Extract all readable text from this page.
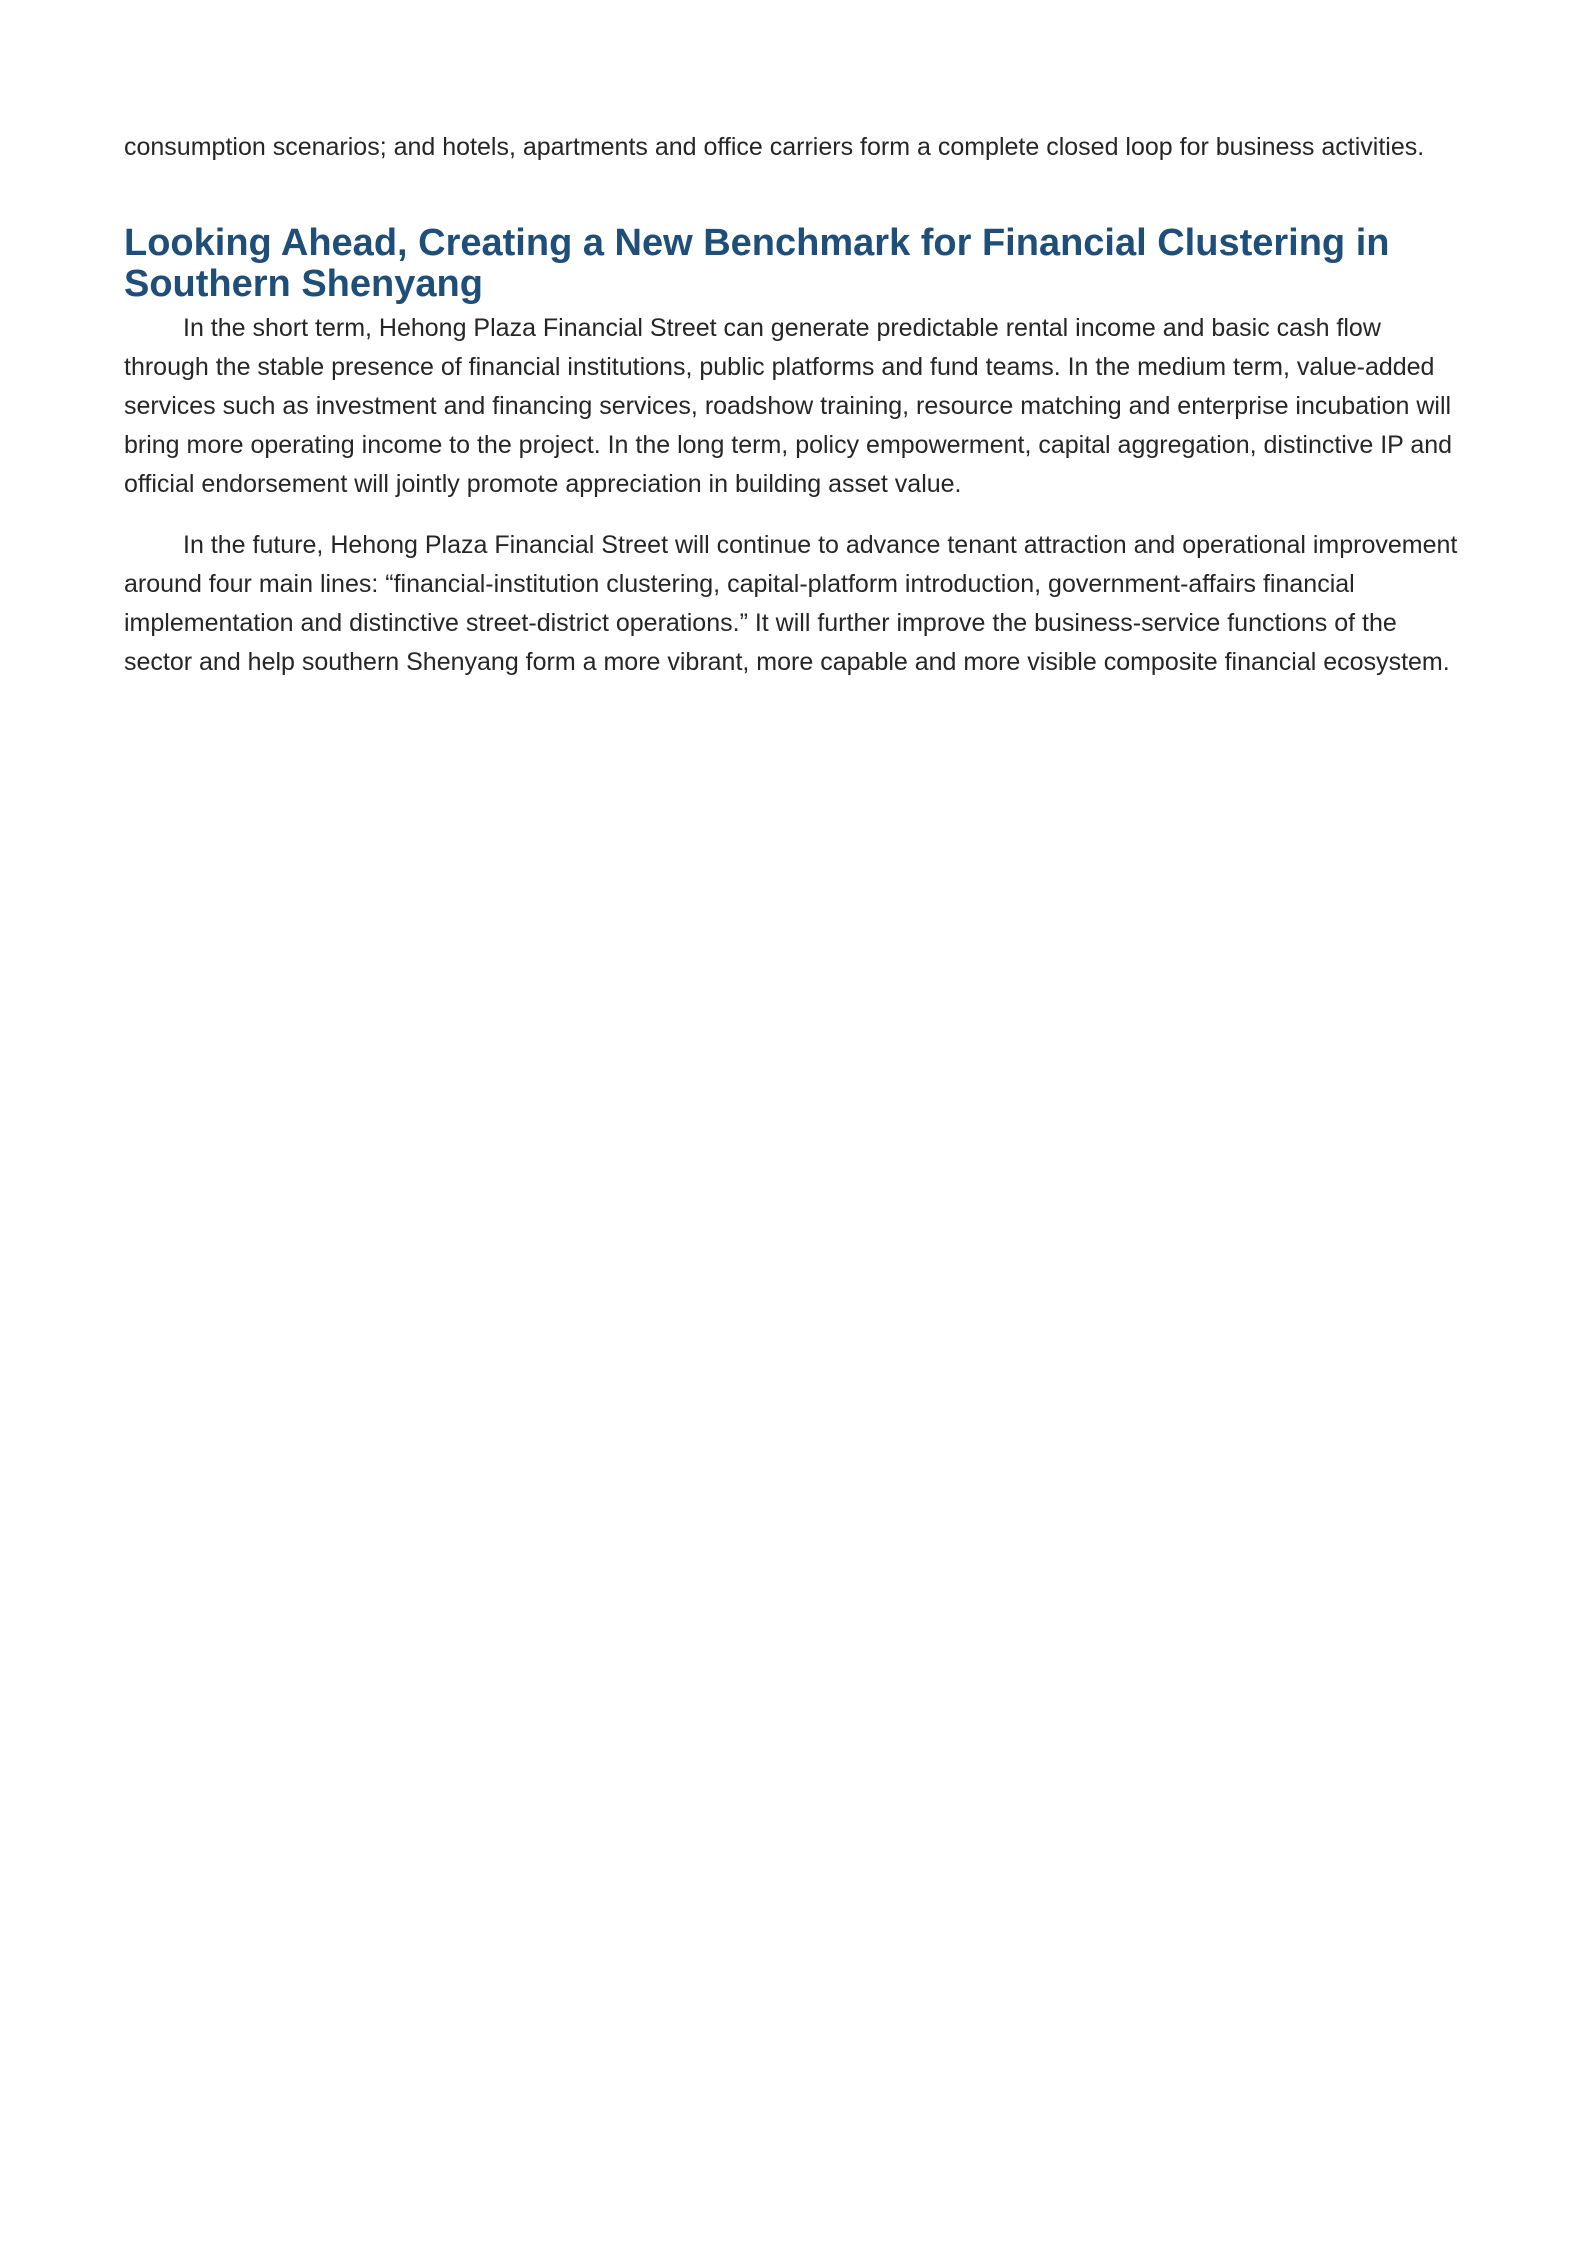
consumption scenarios; and hotels, apartments and office carriers form a complete closed loop for business activities.

Looking Ahead, Creating a New Benchmark for Financial Clustering in Southern Shenyang

In the short term, Hehong Plaza Financial Street can generate predictable rental income and basic cash flow through the stable presence of financial institutions, public platforms and fund teams. In the medium term, value-added services such as investment and financing services, roadshow training, resource matching and enterprise incubation will bring more operating income to the project. In the long term, policy empowerment, capital aggregation, distinctive IP and official endorsement will jointly promote appreciation in building asset value.

In the future, Hehong Plaza Financial Street will continue to advance tenant attraction and operational improvement around four main lines: “financial-institution clustering, capital-platform introduction, government-affairs financial implementation and distinctive street-district operations.” It will further improve the business-service functions of the sector and help southern Shenyang form a more vibrant, more capable and more visible composite financial ecosystem.
